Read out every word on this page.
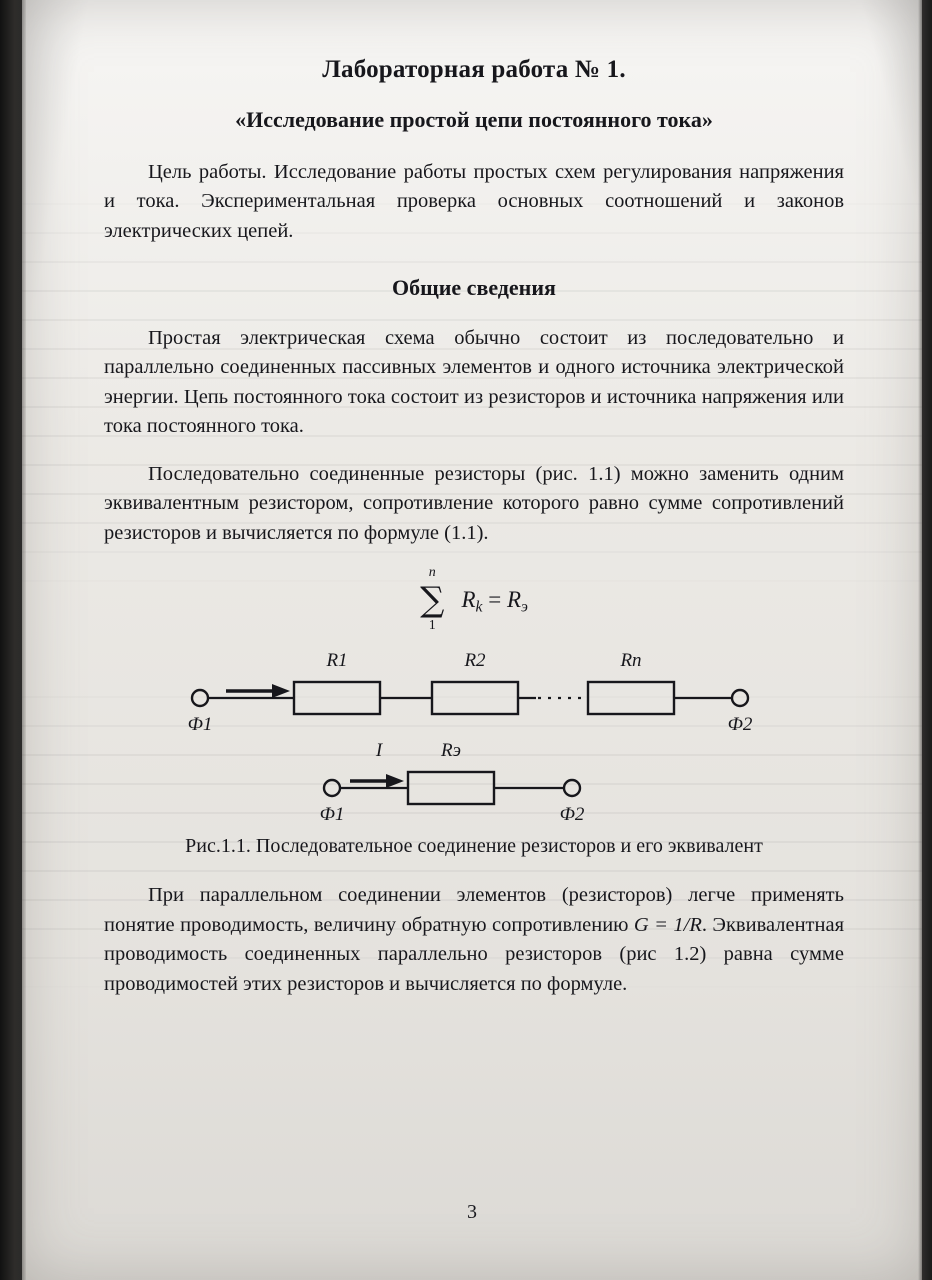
Лабораторная работа № 1.
«Исследование простой цепи постоянного тока»

Цель работы. Исследование работы простых схем регулирования напряжения и тока. Экспериментальная проверка основных соотношений и законов электрических цепей.

Общие сведения

Простая электрическая схема обычно состоит из последовательно и параллельно соединенных пассивных элементов и одного источника электрической энергии. Цепь постоянного тока состоит из резисторов и источника напряжения или тока постоянного тока.

Последовательно соединенные резисторы (рис. 1.1) можно заменить одним эквивалентным резистором, сопротивление которого равно сумме сопротивлений резисторов и вычисляется по формуле (1.1).

n
∑
1
$R_k = R_э$
R1	R2	Rn
Ф1	Ф2
I	Rэ
Ф1	Ф2
Рис.1.1. Последовательное соединение резисторов и его эквивалент

При параллельном соединении элементов (резисторов) легче применять понятие проводимость, величину обратную сопротивлению G = 1/R. Эквивалентная проводимость соединенных параллельно резисторов (рис 1.2) равна сумме проводимостей этих резисторов и вычисляется по формуле.

3
